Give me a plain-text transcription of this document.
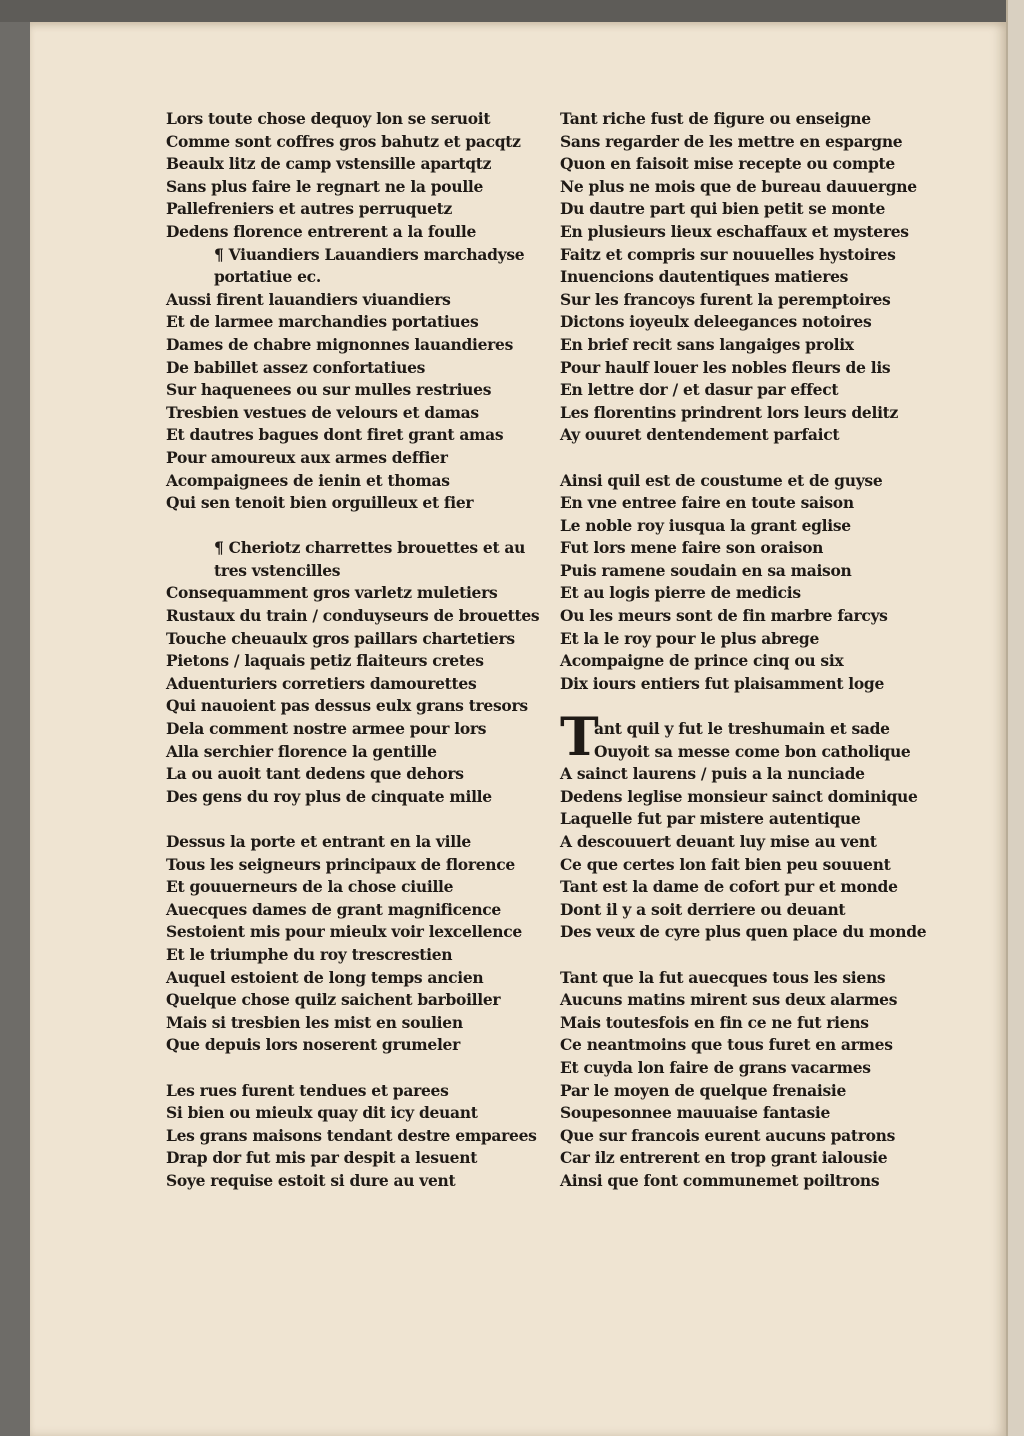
Lors toute chose dequoy lon se seruoit
Comme sont coffres gros bahutz et pacqtz
Beaulx litz de camp vstensille apartqtz
Sans plus faire le regnart ne la poulle
Pallefreniers et autres perruquetz
Dedens florence entrerent a la foulle
¶ Viuandiers Lauandiers marchadyse
portatiue ec.
Aussi firent lauandiers viuandiers
Et de larmee marchandies portatiues
Dames de chabre mignonnes lauandieres
De babillet assez confortatiues
Sur haquenees ou sur mulles restriues
Tresbien vestues de velours et damas
Et dautres bagues dont firet grant amas
Pour amoureux aux armes deffier
Acompaignees de ienin et thomas
Qui sen tenoit bien orguilleux et fier
¶ Cheriotz charrettes brouettes et au
tres vstencilles
Consequamment gros varletz muletiers
Rustaux du train / conduyseurs de brouettes
Touche cheuaulx gros paillars chartetiers
Pietons / laquais petiz flaiteurs cretes
Aduenturiers corretiers damourettes
Qui nauoient pas dessus eulx grans tresors
Dela comment nostre armee pour lors
Alla serchier florence la gentille
La ou auoit tant dedens que dehors
Des gens du roy plus de cinquate mille
Dessus la porte et entrant en la ville
Tous les seigneurs principaux de florence
Et gouuerneurs de la chose ciuille
Auecques dames de grant magnificence
Sestoient mis pour mieulx voir lexcellence
Et le triumphe du roy trescrestien
Auquel estoient de long temps ancien
Quelque chose quilz saichent barboiller
Mais si tresbien les mist en soulien
Que depuis lors noserent grumeler
Les rues furent tendues et parees
Si bien ou mieulx quay dit icy deuant
Les grans maisons tendant destre emparees
Drap dor fut mis par despit a lesuent
Soye requise estoit si dure au vent
Tant riche fust de figure ou enseigne
Sans regarder de les mettre en espargne
Quon en faisoit mise recepte ou compte
Ne plus ne mois que de bureau dauuergne
Du dautre part qui bien petit se monte
En plusieurs lieux eschaffaux et mysteres
Faitz et compris sur nouuelles hystoires
Inuencions dautentiques matieres
Sur les francoys furent la peremptoires
Dictons ioyeulx deleegances notoires
En brief recit sans langaiges prolix
Pour haulf louer les nobles fleurs de lis
En lettre dor / et dasur par effect
Les florentins prindrent lors leurs delitz
Ay ouuret dentendement parfaict
Ainsi quil est de coustume et de guyse
En vne entree faire en toute saison
Le noble roy iusqua la grant eglise
Fut lors mene faire son oraison
Puis ramene soudain en sa maison
Et au logis pierre de medicis
Ou les meurs sont de fin marbre farcys
Et la le roy pour le plus abrege
Acompaigne de prince cinq ou six
Dix iours entiers fut plaisamment loge
ant quil y fut le treshumain et sade
Ouyoit sa messe come bon catholique
A sainct laurens / puis a la nunciade
Dedens leglise monsieur sainct dominique
Laquelle fut par mistere autentique
A descouuert deuant luy mise au vent
Ce que certes lon fait bien peu souuent
Tant est la dame de cofort pur et monde
Dont il y a soit derriere ou deuant
Des veux de cyre plus quen place du monde
Tant que la fut auecques tous les siens
Aucuns matins mirent sus deux alarmes
Mais toutesfois en fin ce ne fut riens
Ce neantmoins que tous furet en armes
Et cuyda lon faire de grans vacarmes
Par le moyen de quelque frenaisie
Soupesonnee mauuaise fantasie
Que sur francois eurent aucuns patrons
Car ilz entrerent en trop grant ialousie
Ainsi que font communemet poiltrons
T
